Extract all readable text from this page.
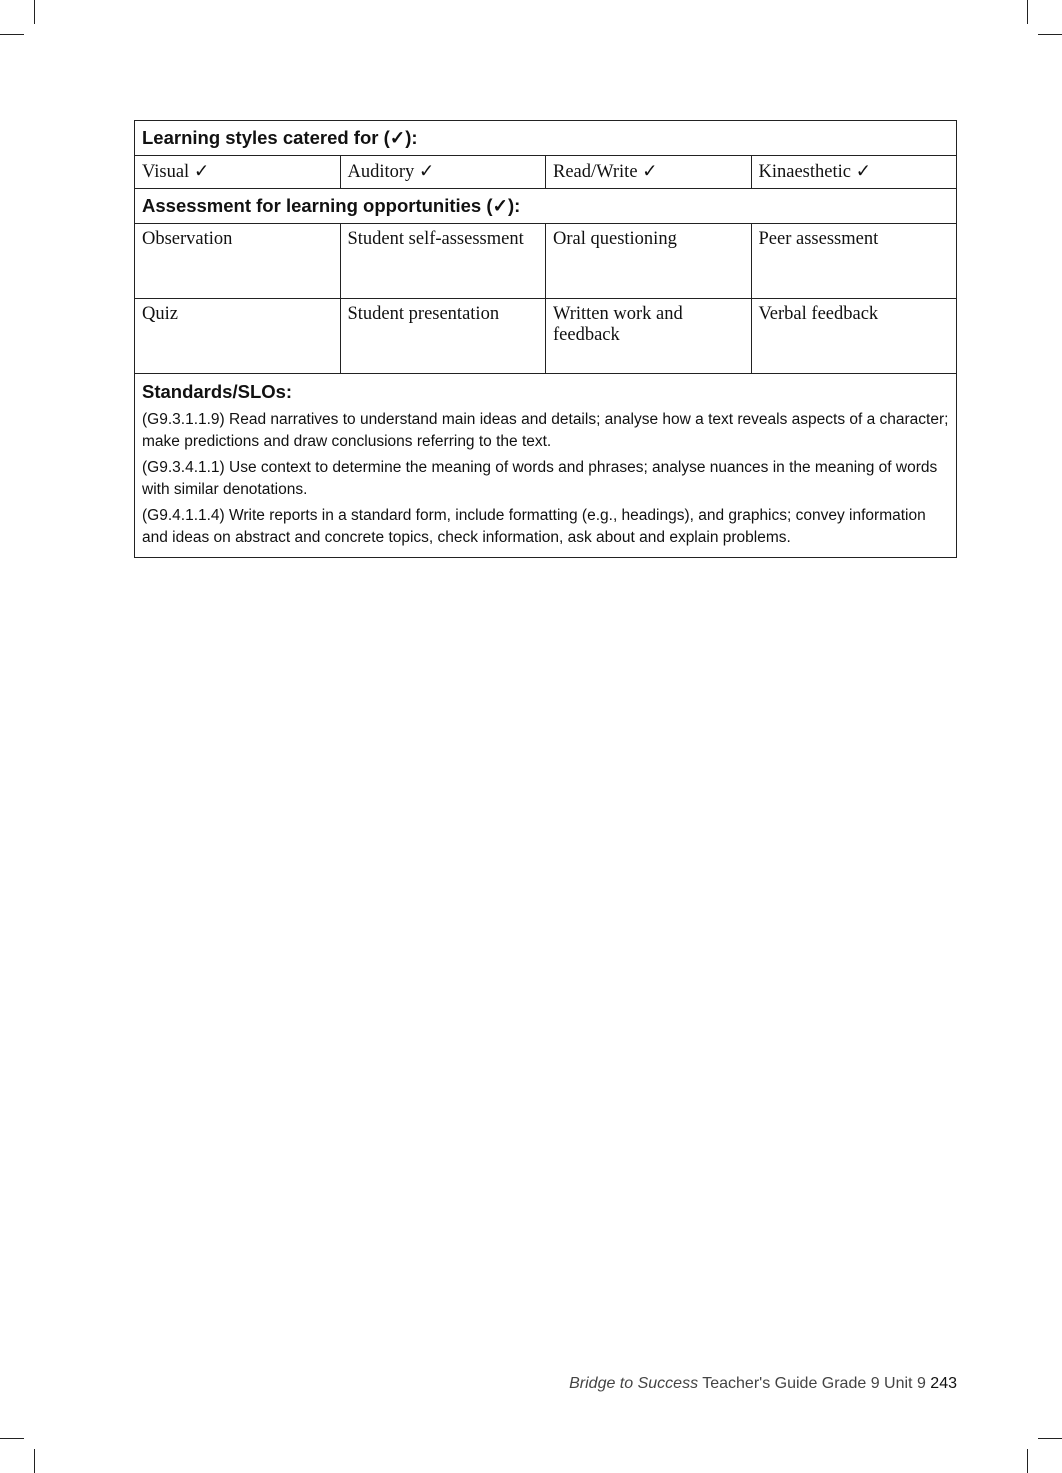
Learning styles catered for (✓):			
Visual ✓	Auditory ✓	Read/Write ✓	Kinaesthetic ✓
Assessment for learning opportunities (✓):			
Observation	Student self-assessment	Oral questioning	Peer assessment
Quiz	Student presentation	Written work and feedback	Verbal feedback

Standards/SLOs:
(G9.3.1.1.9) Read narratives to understand main ideas and details; analyse how a text reveals aspects of a character; make predictions and draw conclusions referring to the text.
(G9.3.4.1.1) Use context to determine the meaning of words and phrases; analyse nuances in the meaning of words with similar denotations.
(G9.4.1.1.4) Write reports in a standard form, include formatting (e.g., headings), and graphics; convey information and ideas on abstract and concrete topics, check information, ask about and explain problems.			
Bridge to Success Teacher's Guide Grade 9 Unit 9 243
